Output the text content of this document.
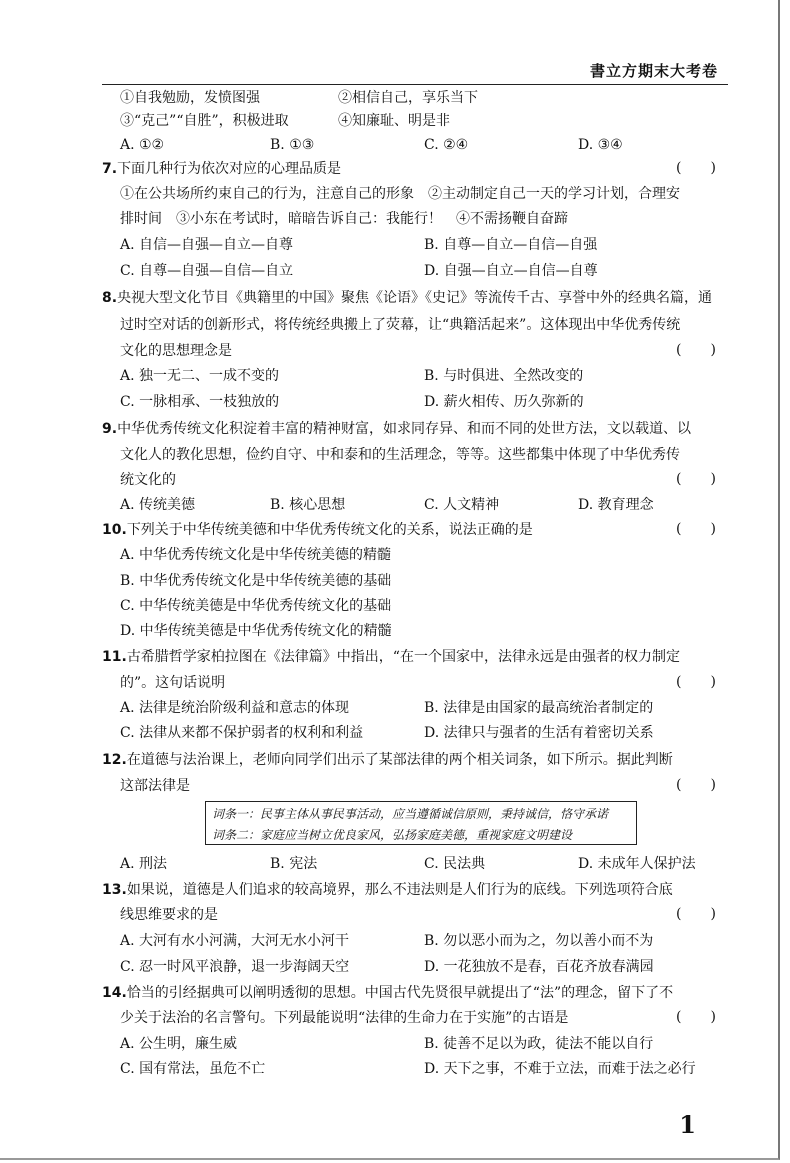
書立方期末大考卷
①自我勉励，发愤图强	②相信自己，享乐当下
③“克己”“自胜”，积极进取	④知廉耻、明是非
A. ①②	B. ①③	C. ②④	D. ③④
7.下面几种行为依次对应的心理品质是	( )
①在公共场所约束自己的行为，注意自己的形象　②主动制定自己一天的学习计划，合理安
排时间　③小东在考试时，暗暗告诉自己：我能行！　④不需扬鞭自奋蹄
A. 自信—自强—自立—自尊	B. 自尊—自立—自信—自强
C. 自尊—自强—自信—自立	D. 自强—自立—自信—自尊
8.央视大型文化节目《典籍里的中国》聚焦《论语》《史记》等流传千古、享誉中外的经典名篇，通
过时空对话的创新形式，将传统经典搬上了荧幕，让“典籍活起来”。这体现出中华优秀传统
文化的思想理念是	( )
A. 独一无二、一成不变的	B. 与时俱进、全然改变的
C. 一脉相承、一枝独放的	D. 薪火相传、历久弥新的
9.中华优秀传统文化积淀着丰富的精神财富，如求同存异、和而不同的处世方法，文以载道、以
文化人的教化思想，俭约自守、中和泰和的生活理念，等等。这些都集中体现了中华优秀传
统文化的	( )
A. 传统美德	B. 核心思想	C. 人文精神	D. 教育理念
10.下列关于中华传统美德和中华优秀传统文化的关系，说法正确的是	( )
A. 中华优秀传统文化是中华传统美德的精髓
B. 中华优秀传统文化是中华传统美德的基础
C. 中华传统美德是中华优秀传统文化的基础
D. 中华传统美德是中华优秀传统文化的精髓
11.古希腊哲学家柏拉图在《法律篇》中指出，“在一个国家中，法律永远是由强者的权力制定
的”。这句话说明	( )
A. 法律是统治阶级利益和意志的体现	B. 法律是由国家的最高统治者制定的
C. 法律从来都不保护弱者的权利和利益	D. 法律只与强者的生活有着密切关系
12.在道德与法治课上，老师向同学们出示了某部法律的两个相关词条，如下所示。据此判断
这部法律是	( )
词条一：民事主体从事民事活动，应当遵循诚信原则，秉持诚信，恪守承诺
词条二：家庭应当树立优良家风，弘扬家庭美德，重视家庭文明建设
A. 刑法	B. 宪法	C. 民法典	D. 未成年人保护法
13.如果说，道德是人们追求的较高境界，那么不违法则是人们行为的底线。下列选项符合底
线思维要求的是	( )
A. 大河有水小河满，大河无水小河干	B. 勿以恶小而为之，勿以善小而不为
C. 忍一时风平浪静，退一步海阔天空	D. 一花独放不是春，百花齐放春满园
14.恰当的引经据典可以阐明透彻的思想。中国古代先贤很早就提出了“法”的理念，留下了不
少关于法治的名言警句。下列最能说明“法律的生命力在于实施”的古语是	( )
A. 公生明，廉生威	B. 徒善不足以为政，徒法不能以自行
C. 国有常法，虽危不亡	D. 天下之事，不难于立法，而难于法之必行
1
